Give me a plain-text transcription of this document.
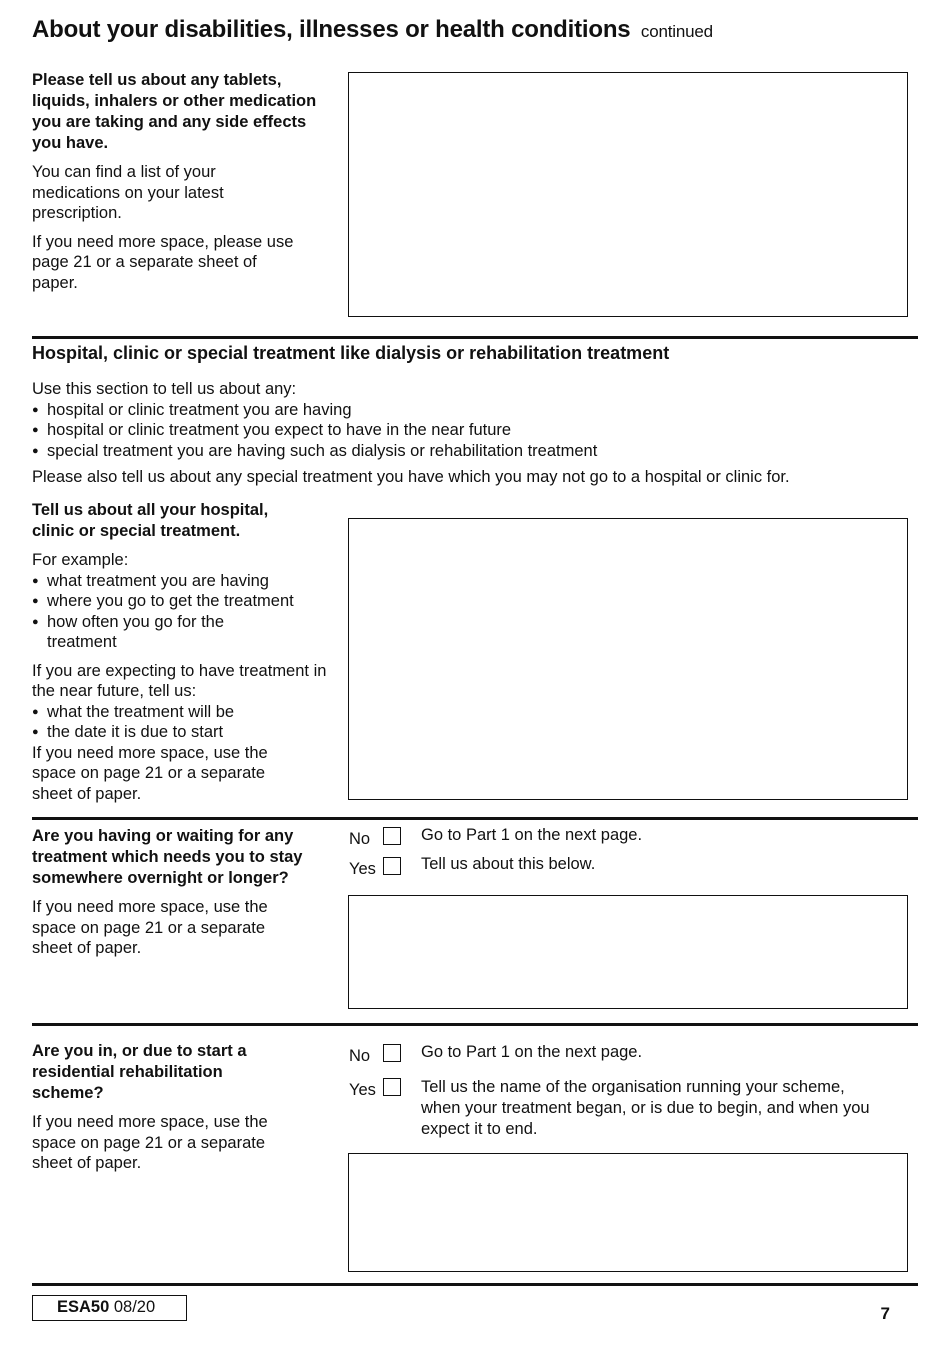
About your disabilities, illnesses or health conditions continued

Please tell us about any tablets, liquids, inhalers or other medication you are taking and any side effects you have.

You can find a list of your medications on your latest prescription.

If you need more space, please use page 21 or a separate sheet of paper.

Hospital, clinic or special treatment like dialysis or rehabilitation treatment

Use this section to tell us about any:

● hospital or clinic treatment you are having
● hospital or clinic treatment you expect to have in the near future
● special treatment you are having such as dialysis or rehabilitation treatment

Please also tell us about any special treatment you have which you may not go to a hospital or clinic for.

Tell us about all your hospital, clinic or special treatment.

For example:

● what treatment you are having
● where you go to get the treatment
● how often you go for the treatment

If you are expecting to have treatment in the near future, tell us:

● what the treatment will be
● the date it is due to start

If you need more space, use the space on page 21 or a separate sheet of paper.

Are you having or waiting for any treatment which needs you to stay somewhere overnight or longer?

If you need more space, use the space on page 21 or a separate sheet of paper.

No	Go to Part 1 on the next page.
Yes	Tell us about this below.

Are you in, or due to start a residential rehabilitation scheme?

If you need more space, use the space on page 21 or a separate sheet of paper.

No	Go to Part 1 on the next page.
Yes	Tell us the name of the organisation running your scheme, when your treatment began, or is due to begin, and when you expect it to end.
ESA50 08/20	7
